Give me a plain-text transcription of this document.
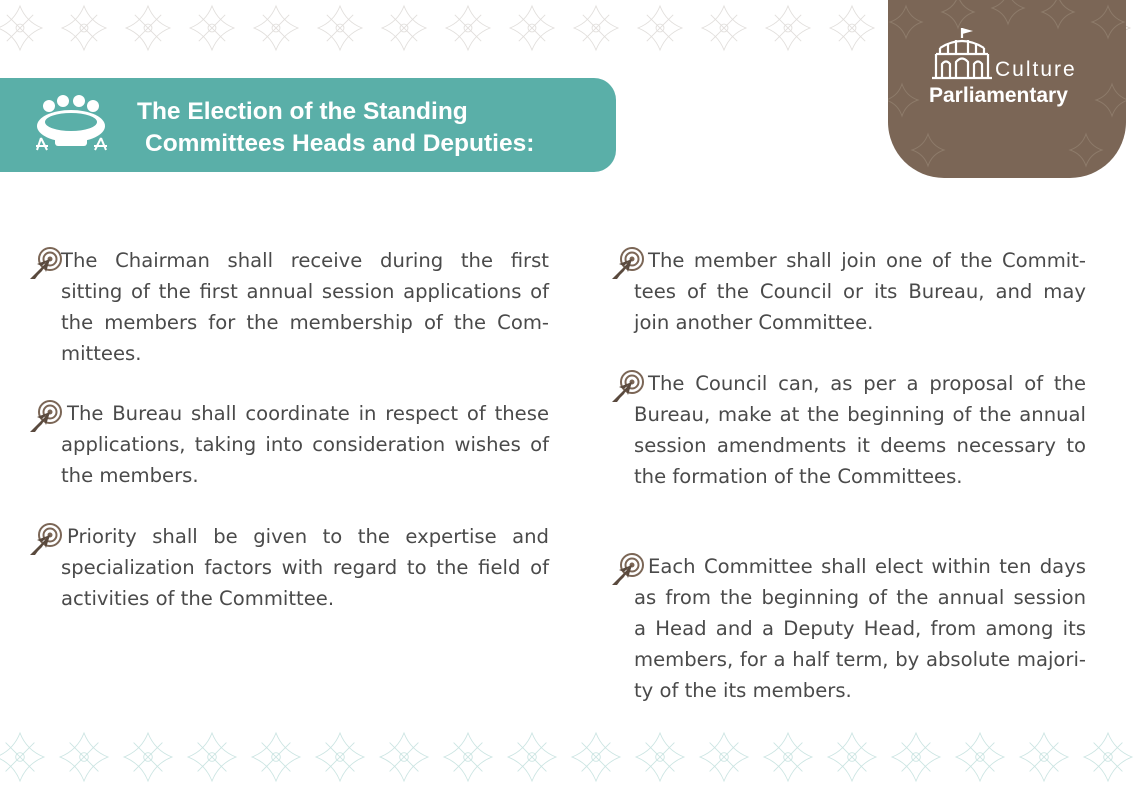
The Election of the Standing
Committees Heads and Deputies:
Culture
Parliamentary

The Chairman shall receive during the first

sitting of the first annual session applications of
the members for the membership of the Com-
mittees.

The Bureau shall coordinate in respect of these
applications, taking into consideration wishes of
the members.

Priority shall be given to the expertise and
specialization factors with regard to the field of
activities of the Committee.

The member shall join one of the Commit-
tees of the Council or its Bureau, and may
join another Committee.

The Council can, as per a proposal of the
Bureau, make at the beginning of the annual
session amendments it deems necessary to
the formation of the Committees.

Each Committee shall elect within ten days
as from the beginning of the annual session
a Head and a Deputy Head, from among its
members, for a half term, by absolute majori-
ty of the its members.
